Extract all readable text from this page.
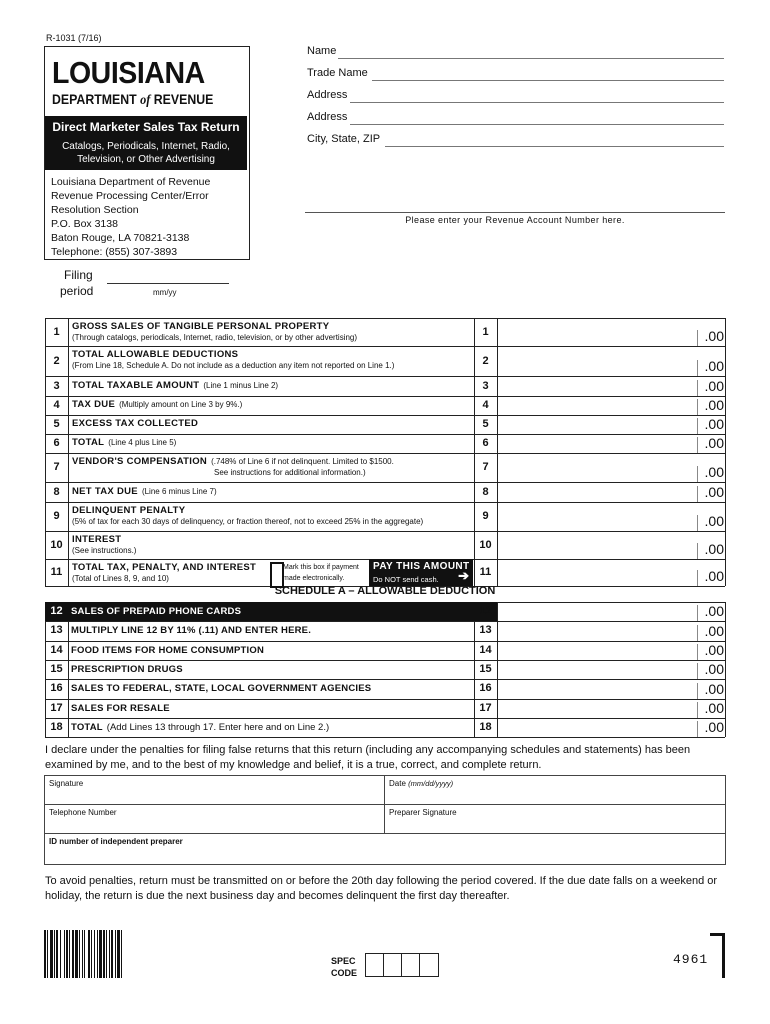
R-1031 (7/16)
LOUISIANA
DEPARTMENT of REVENUE
Direct Marketer Sales Tax Return
Catalogs, Periodicals, Internet, Radio,
Television, or Other Advertising
Louisiana Department of Revenue
Revenue Processing Center/Error
Resolution Section
P.O. Box 3138
Baton Rouge, LA 70821-3138
Telephone: (855) 307-3893
Name
Trade Name
Address
Address
City, State, ZIP
Please enter your Revenue Account Number here.
Filing
period	mm/yy
1	GROSS SALES OF TANGIBLE PERSONAL PROPERTY
(Through catalogs, periodicals, Internet, radio, television, or by other advertising)	1	.00
2
TOTAL ALLOWABLE DEDUCTIONS
(From Line 18, Schedule A. Do not include as a deduction any item not reported on Line 1.)	2	.00
3	TOTAL TAXABLE AMOUNT (Line 1 minus Line 2)	3	.00
4	TAX DUE (Multiply amount on Line 3 by 9%.)	4	.00
5	EXCESS TAX COLLECTED	5	.00
6	TOTAL (Line 4 plus Line 5)	6	.00
7	VENDOR'S COMPENSATION (.748% of Line 6 if not delinquent. Limited to $1500.
See instructions for additional information.)	7	.00
8	NET TAX DUE (Line 6 minus Line 7)	8	.00
9	DELINQUENT PENALTY
(5% of tax for each 30 days of delinquency, or fraction thereof, not to exceed 25% in the aggregate)	9	.00
10 INTEREST
(See instructions.)	10	.00
11	TOTAL TAX, PENALTY, AND INTEREST
(Total of Lines 8, 9, and 10)
11	.00
Mark this box if payment
made electronically.
PAY THIS AMOUNT
Do NOT send cash.	➔
SCHEDULE A – ALLOWABLE DEDUCTION
12 SALES OF PREPAID PHONE CARDS	12	.00
13 MULTIPLY LINE 12 BY 11% (.11) AND ENTER HERE.	13	.00
14 FOOD ITEMS FOR HOME CONSUMPTION	14	.00
15 PRESCRIPTION DRUGS	15	.00
16 SALES TO FEDERAL, STATE, LOCAL GOVERNMENT AGENCIES	16	.00
17 SALES FOR RESALE	17	.00
18 TOTAL (Add Lines 13 through 17. Enter here and on Line 2.)	18	.00
I declare under the penalties for filing false returns that this return (including any accompanying schedules and statements) has been examined by me, and to the best of my knowledge and belief, it is a true, correct, and complete return.
Signature	Date (mm/dd/yyyy)
Telephone Number	Preparer Signature
ID number of independent preparer
To avoid penalties, return must be transmitted on or before the 20th day following the period covered. If the due date falls on a weekend or holiday, the return is due the next business day and becomes delinquent the first day thereafter.
SPEC
CODE
4961
